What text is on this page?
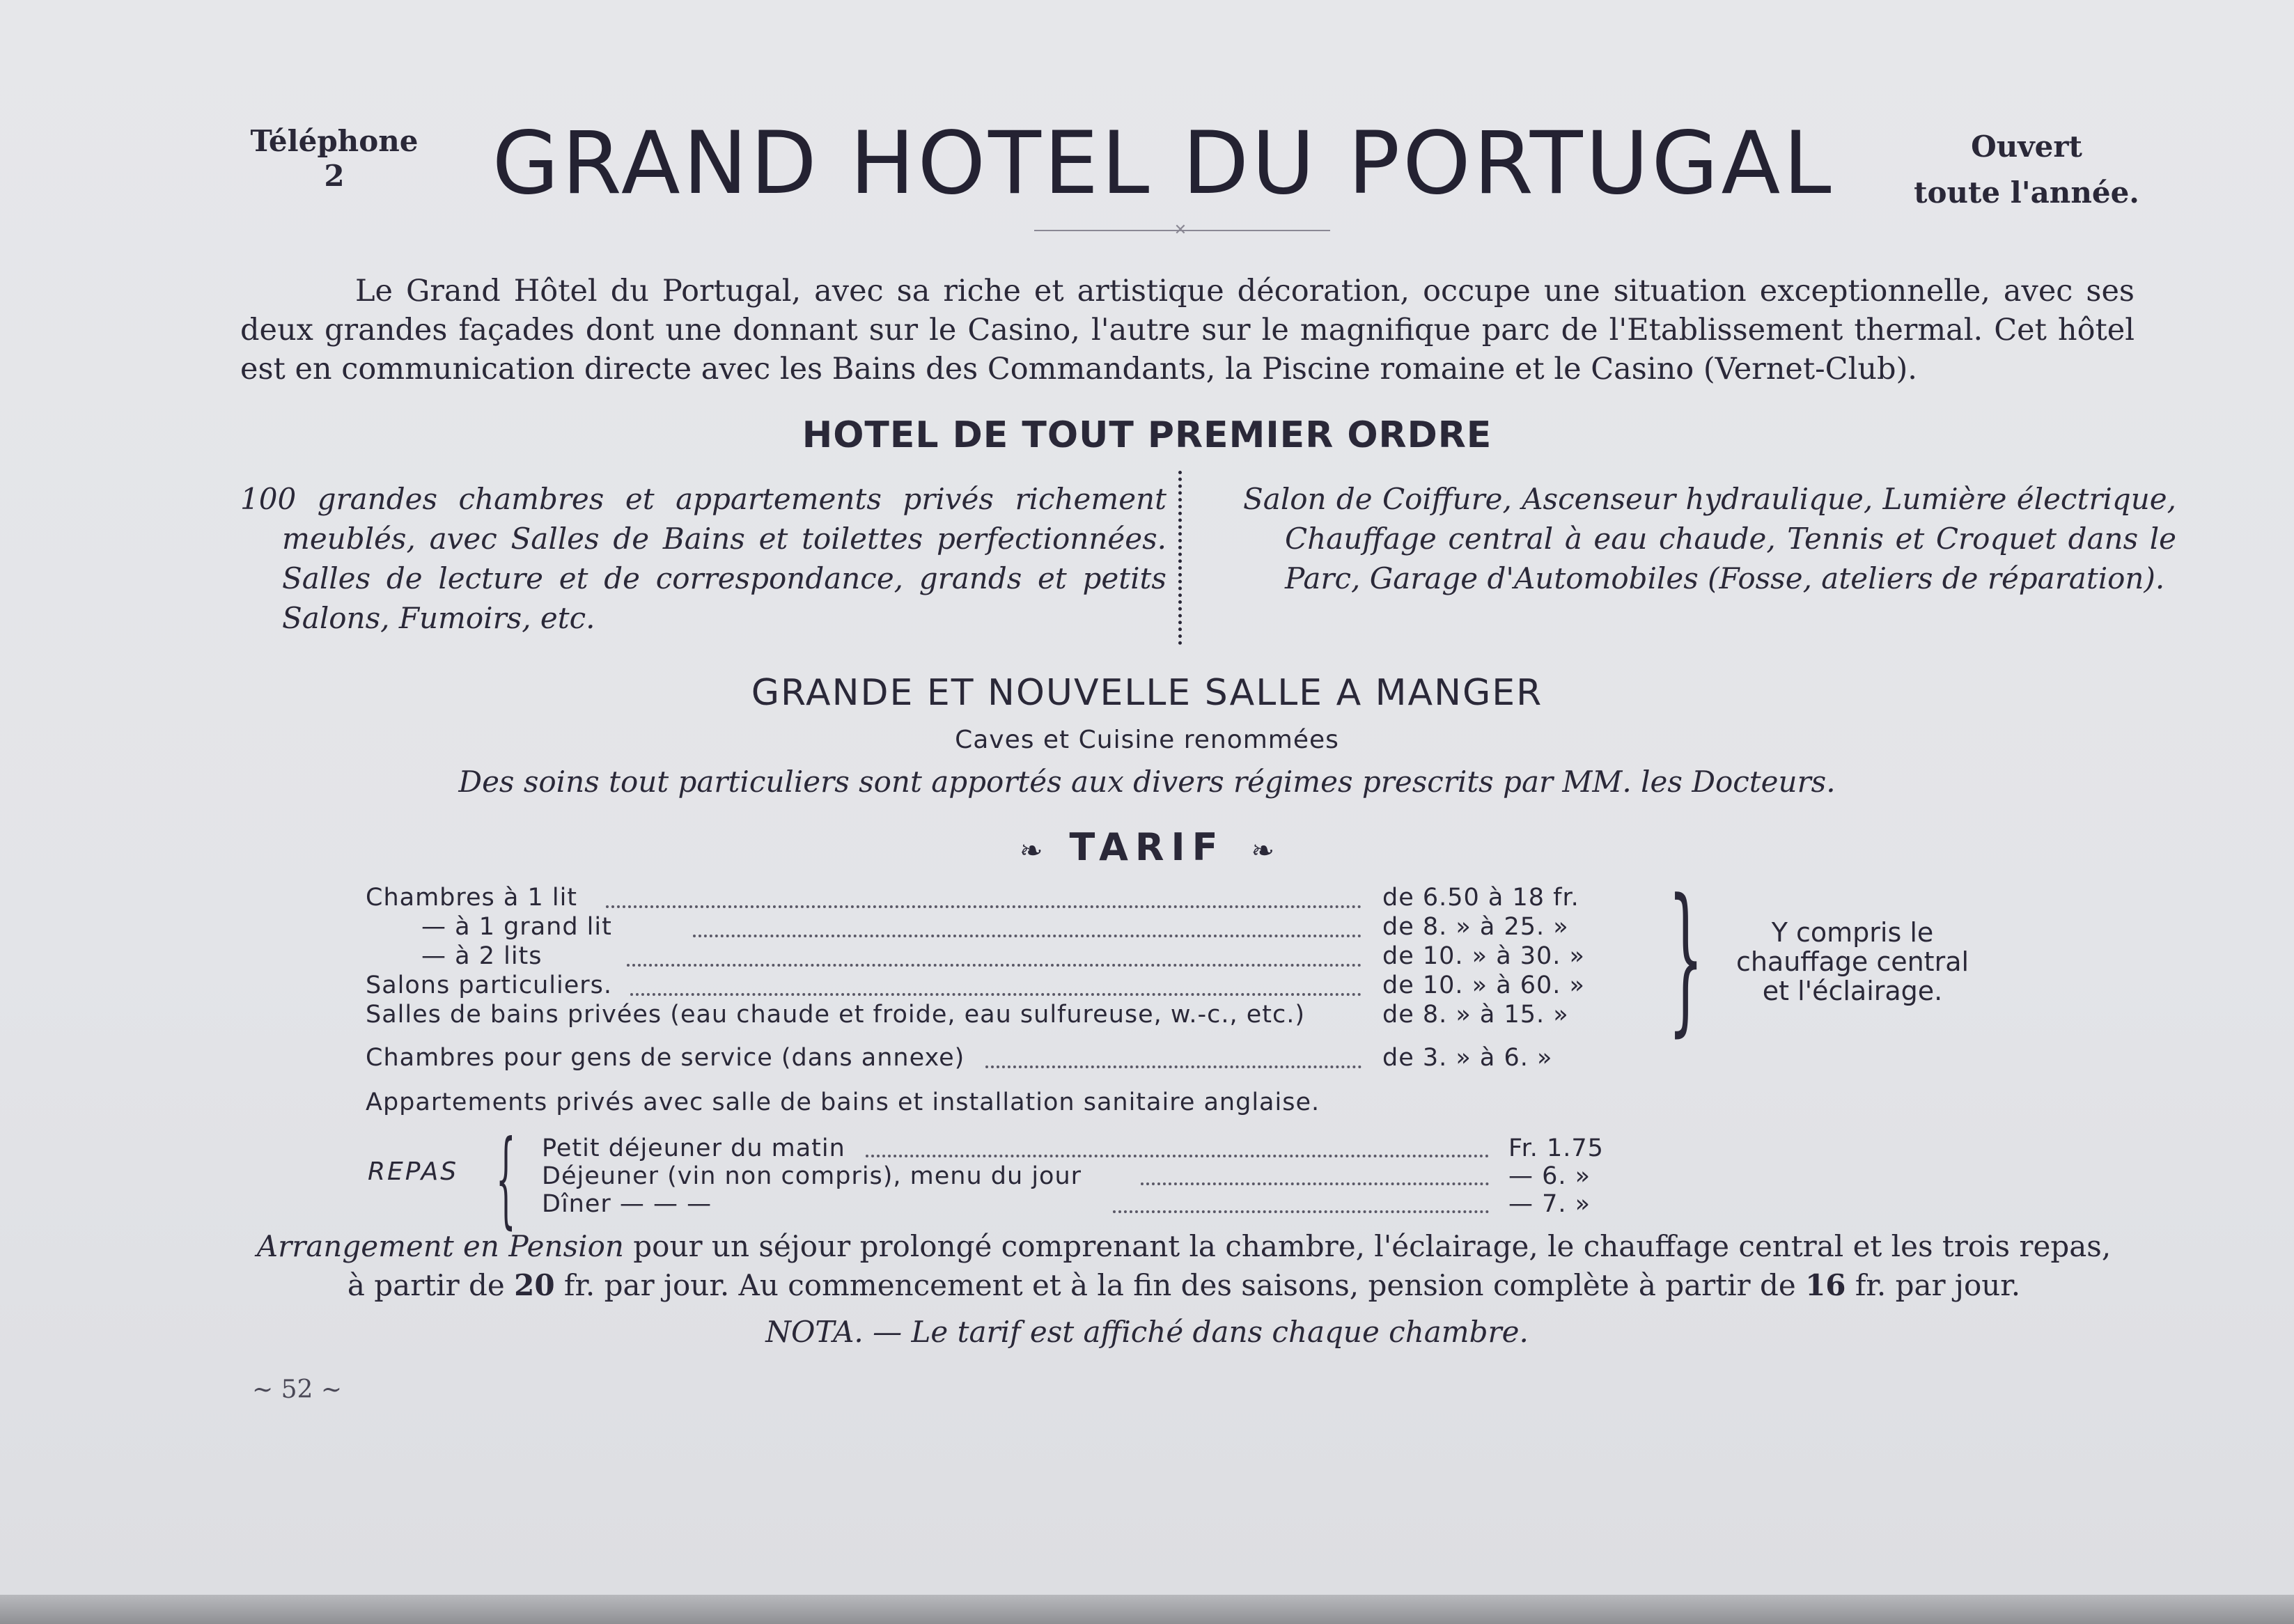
Téléphone
2	GRAND HOTEL DU PORTUGAL	Ouvert
toute l'année.
✕
Le Grand Hôtel du Portugal, avec sa riche et artistique décoration, occupe une situation exceptionnelle, avec ses deux grandes façades dont une donnant sur le Casino, l'autre sur le magnifique parc de l'Etablissement thermal. Cet hôtel est en communication directe avec les Bains des Commandants, la Piscine romaine et le Casino (Vernet-Club).
HOTEL DE TOUT PREMIER ORDRE
100 grandes chambres et appartements privés richement meublés, avec Salles de Bains et toilettes perfectionnées. Salles de lecture et de correspondance, grands et petits Salons, Fumoirs, etc.
Salon de Coiffure, Ascenseur hydraulique, Lumière électrique, Chauffage central à eau chaude, Tennis et Croquet dans le Parc, Garage d'Automobiles (Fosse, ateliers de réparation).
GRANDE ET NOUVELLE SALLE A MANGER
Caves et Cuisine renommées
Des soins tout particuliers sont apportés aux divers régimes prescrits par MM. les Docteurs.
❧ TARIF ❧
Chambres à 1 lit	de 6.50 à 18 fr.
— à 1 grand lit	de 8. » à 25. »
— à 2 lits	de 10. » à 30. »
Salons particuliers.	de 10. » à 60. »
Salles de bains privées (eau chaude et froide, eau sulfureuse, w.-c., etc.)	de 8. » à 15. »
Chambres pour gens de service (dans annexe)	de 3. » à 6. »
Appartements privés avec salle de bains et installation sanitaire anglaise.
}	Y compris le
chauffage central
et l'éclairage.
REPAS { Petit déjeuner du matin	Fr. 1.75
Déjeuner (vin non compris), menu du jour	— 6. »
Dîner — — —	— 7. »
Arrangement en Pension pour un séjour prolongé comprenant la chambre, l'éclairage, le chauffage central et les trois repas, à partir de 20 fr. par jour. Au commencement et à la fin des saisons, pension complète à partir de 16 fr. par jour.
NOTA. — Le tarif est affiché dans chaque chambre.
~ 52 ~
